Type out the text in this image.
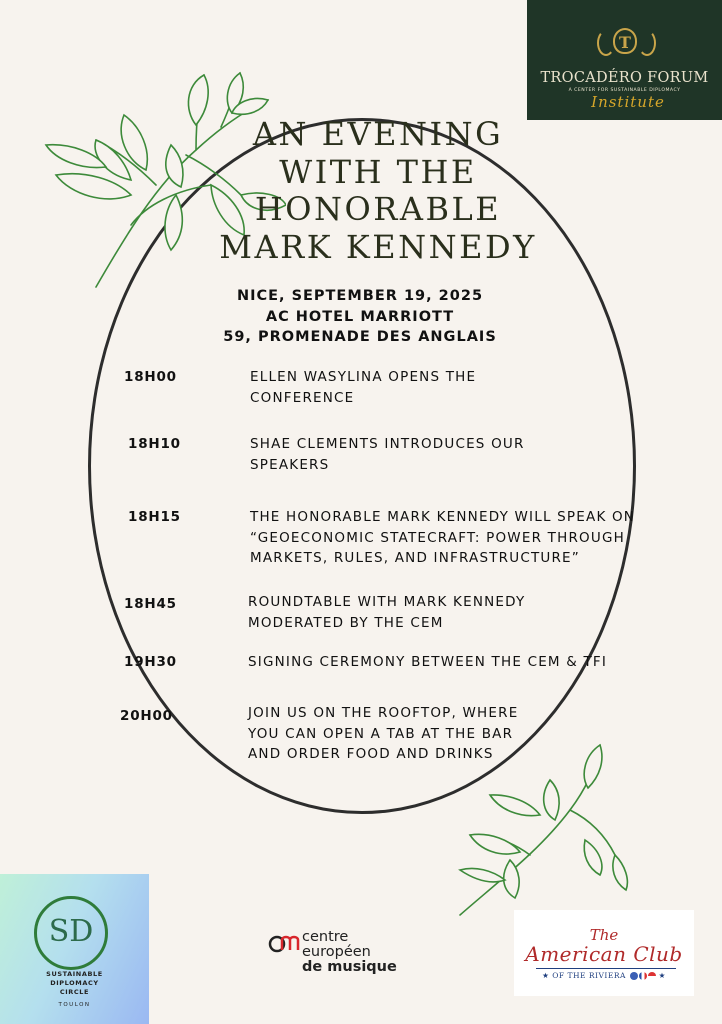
T
TROCADÉRO FORUM
A CENTER FOR SUSTAINABLE DIPLOMACY
Institute
AN EVENING
WITH THE
HONORABLE
MARK KENNEDY
NICE, SEPTEMBER 19, 2025
AC HOTEL MARRIOTT
59, PROMENADE DES ANGLAIS
18H00	ELLEN WASYLINA OPENS THE
CONFERENCE
18H10	SHAE CLEMENTS INTRODUCES OUR
SPEAKERS
18H15	THE HONORABLE MARK KENNEDY WILL SPEAK ON
“GEOECONOMIC STATECRAFT: POWER THROUGH
MARKETS, RULES, AND INFRASTRUCTURE”
18H45	ROUNDTABLE WITH MARK KENNEDY
MODERATED BY THE CEM
19H30	SIGNING CEREMONY BETWEEN THE CEM & TFI
20H00	JOIN US ON THE ROOFTOP, WHERE
YOU CAN OPEN A TAB AT THE BAR
AND ORDER FOOD AND DRINKS
SD
SUSTAINABLE
DIPLOMACY
CIRCLE
TOULON
centre
européen
de musique
The
American Club
★ OF THE RIVIERA	★
